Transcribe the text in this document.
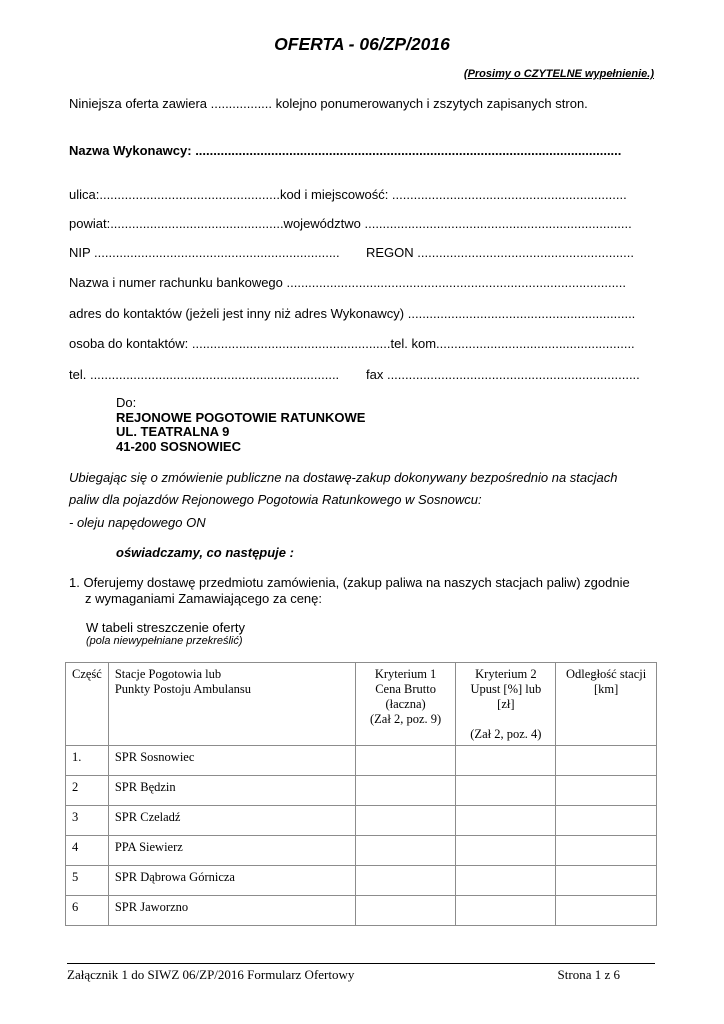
OFERTA - 06/ZP/2016
(Prosimy o CZYTELNE wypełnienie.)
Niniejsza oferta zawiera ................. kolejno ponumerowanych i zszytych zapisanych stron.
Nazwa Wykonawcy: ......................................................................................................................
ulica:..................................................kod i miejscowość: .................................................................
powiat:................................................województwo ..........................................................................
NIP .................................................................... REGON ............................................................
Nazwa i numer rachunku bankowego ..............................................................................................
adres do kontaktów (jeżeli jest inny niż adres Wykonawcy) ...............................................................
osoba do kontaktów: .......................................................tel. kom.......................................................
tel. ..................................................................... fax ......................................................................
Do:
REJONOWE POGOTOWIE RATUNKOWE
UL. TEATRALNA 9
41-200 SOSNOWIEC
Ubiegając się o zmówienie publiczne na dostawę-zakup dokonywany bezpośrednio na stacjach
paliw dla pojazdów Rejonowego Pogotowia Ratunkowego w Sosnowcu:
- oleju napędowego ON
oświadczamy, co następuje :
1. Oferujemy dostawę przedmiotu zamówienia, (zakup paliwa na naszych stacjach paliw) zgodnie
z wymaganiami Zamawiającego za cenę:
W tabeli streszczenie oferty
(pola niewypełniane przekreślić)
Część	Stacje Pogotowia lub
Punkty Postoju Ambulansu	Kryterium 1
Cena Brutto
(łaczna)
(Zał 2, poz. 9)	Kryterium 2
Upust [%] lub
[zł]

(Zał 2, poz. 4)	Odległość stacji
[km]
1.	SPR Sosnowiec			
2	SPR Będzin			
3	SPR Czeladź			
4	PPA Siewierz			
5	SPR Dąbrowa Górnicza			
6	SPR Jaworzno			
Załącznik 1 do SIWZ 06/ZP/2016 Formularz Ofertowy	Strona 1 z 6
